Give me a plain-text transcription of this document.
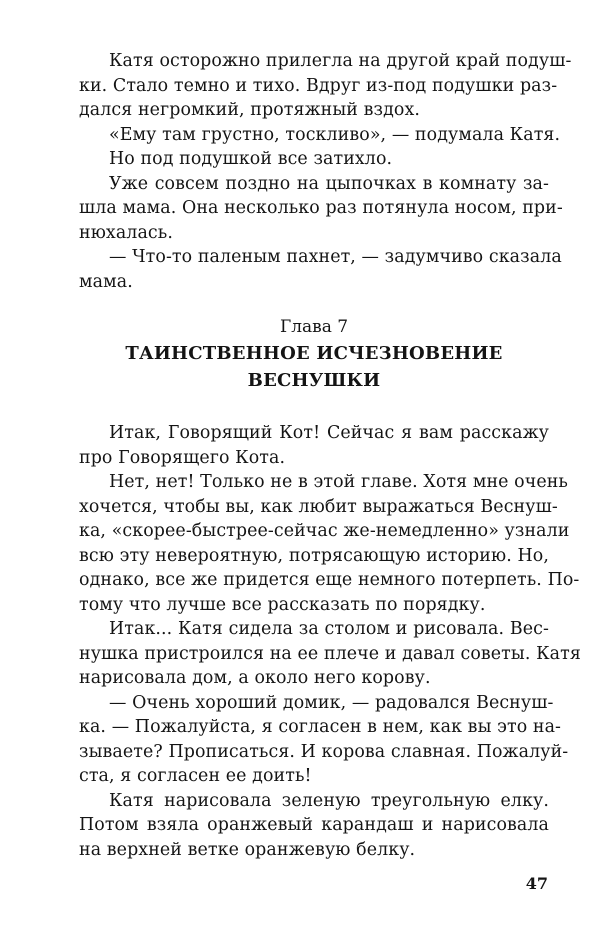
Катя осторожно прилегла на другой край подуш-
ки. Стало темно и тихо. Вдруг из-под подушки раз-
дался негромкий, протяжный вздох.
«Ему там грустно, тоскливо», — подумала Катя.
Но под подушкой все затихло.
Уже совсем поздно на цыпочках в комнату за-
шла мама. Она несколько раз потянула носом, при-
нюхалась.
— Что-то паленым пахнет, — задумчиво сказала
мама.
Глава 7
ТАИНСТВЕННОЕ ИСЧЕЗНОВЕНИЕ
ВЕСНУШКИ
Итак, Говорящий Кот! Сейчас я вам расскажу
про Говорящего Кота.
Нет, нет! Только не в этой главе. Хотя мне очень
хочется, чтобы вы, как любит выражаться Веснуш-
ка, «скорее-быстрее-сейчас же-немедленно» узнали
всю эту невероятную, потрясающую историю. Но,
однако, все же придется еще немного потерпеть. По-
тому что лучше все рассказать по порядку.
Итак... Катя сидела за столом и рисовала. Вес-
нушка пристроился на ее плече и давал советы. Катя
нарисовала дом, а около него корову.
— Очень хороший домик, — радовался Веснуш-
ка. — Пожалуйста, я согласен в нем, как вы это на-
зываете? Прописаться. И корова славная. Пожалуй-
ста, я согласен ее доить!
Катя нарисовала зеленую треугольную елку.
Потом взяла оранжевый карандаш и нарисовала
на верхней ветке оранжевую белку.
47
